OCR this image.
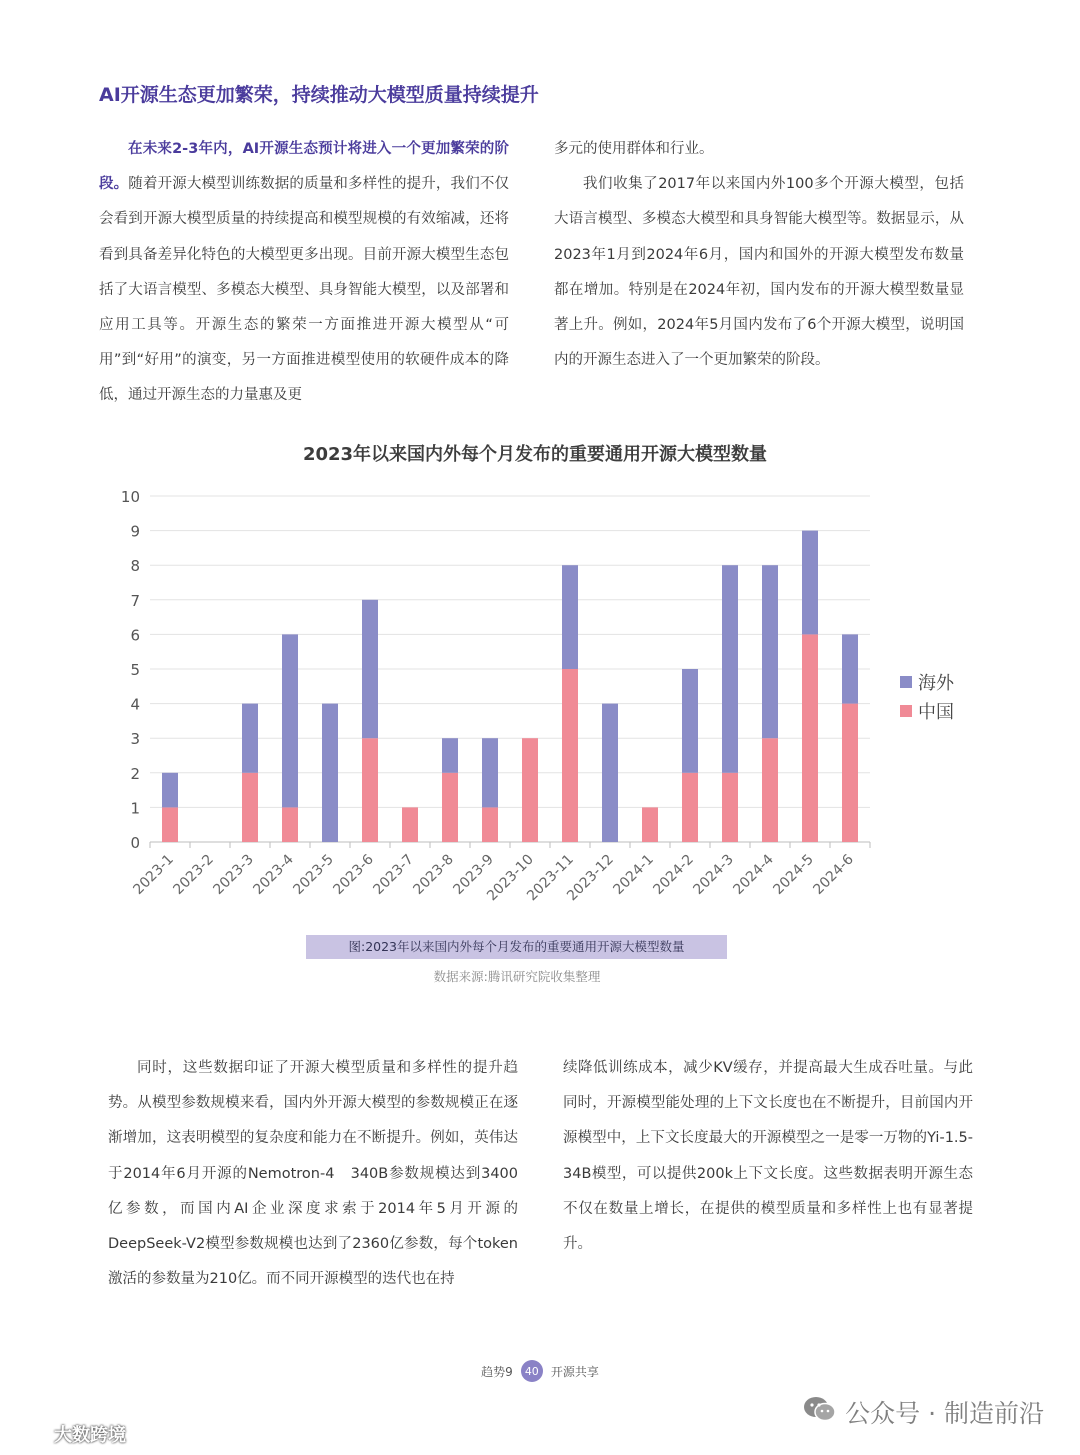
AI开源生态更加繁荣，持续推动大模型质量持续提升

在未来2-3年内，AI开源生态预计将进入一个更加繁荣的阶段。随着开源大模型训练数据的质量和多样性的提升，我们不仅会看到开源大模型质量的持续提高和模型规模的有效缩减，还将看到具备差异化特色的大模型更多出现。目前开源大模型生态包括了大语言模型、多模态大模型、具身智能大模型，以及部署和应用工具等。开源生态的繁荣一方面推进开源大模型从“可用”到“好用”的演变，另一方面推进模型使用的软硬件成本的降低，通过开源生态的力量惠及更

多元的使用群体和行业。

我们收集了2017年以来国内外100多个开源大模型，包括大语言模型、多模态大模型和具身智能大模型等。数据显示，从2023年1月到2024年6月，国内和国外的开源大模型发布数量都在增加。特别是在2024年初，国内发布的开源大模型数量显著上升。例如，2024年5月国内发布了6个开源大模型，说明国内的开源生态进入了一个更加繁荣的阶段。

2023年以来国内外每个月发布的重要通用开源大模型数量
0
1
2
3
4
5
6
7
8
9
10
2023-1
2023-2
2023-3
2023-4
2023-5
2023-6
2023-7
2023-8
2023-9
2023-10
2023-11
2023-12
2024-1
2024-2
2024-3
2024-4
2024-5
2024-6
海外
中国
图:2023年以来国内外每个月发布的重要通用开源大模型数量
数据来源:腾讯研究院收集整理

同时，这些数据印证了开源大模型质量和多样性的提升趋势。从模型参数规模来看，国内外开源大模型的参数规模正在逐渐增加，这表明模型的复杂度和能力在不断提升。例如，英伟达于2014年6月开源的Nemotron-4　340B参数规模达到3400亿参数，而国内AI企业深度求索于2014年5月开源的DeepSeek-V2模型参数规模也达到了2360亿参数，每个token激活的参数量为210亿。而不同开源模型的迭代也在持

续降低训练成本，减少KV缓存，并提高最大生成吞吐量。与此同时，开源模型能处理的上下文长度也在不断提升，目前国内开源模型中，上下文长度最大的开源模型之一是零一万物的Yi-1.5-34B模型，可以提供200k上下文长度。这些数据表明开源生态不仅在数量上增长，在提供的模型质量和多样性上也有显著提升。

趋势9	40	开源共享
公众号 · 制造前沿
大数跨境
